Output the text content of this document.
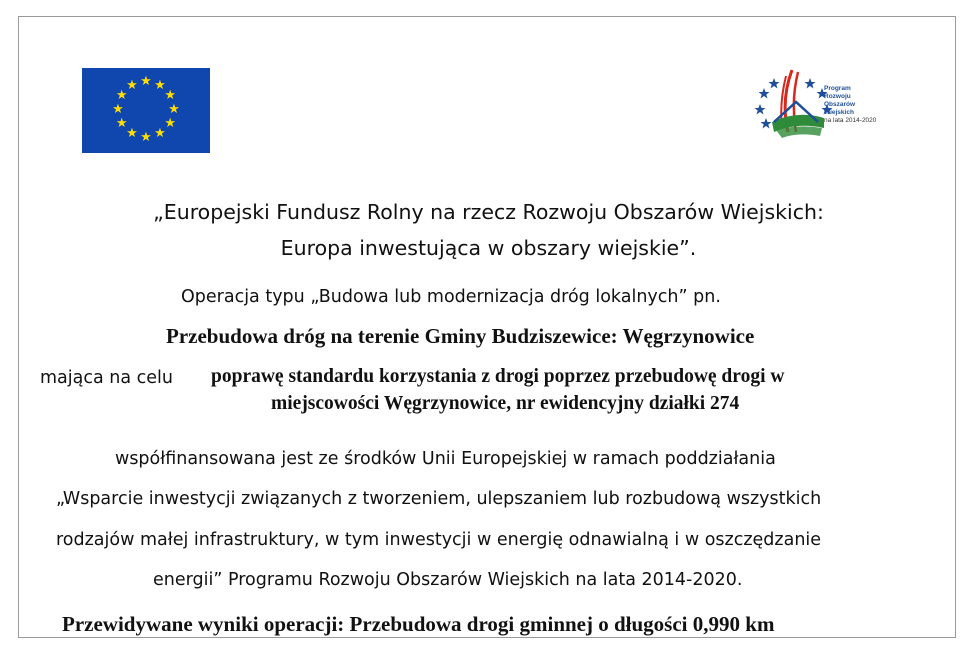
★ ★
★
★
★
★
★
★
★
★
★
★	Program
Rozwoju
Obszarów
Wiejskich
na lata 2014-2020
„Europejski Fundusz Rolny na rzecz Rozwoju Obszarów Wiejskich:
Europa inwestująca w obszary wiejskie”.
Operacja typu „Budowa lub modernizacja dróg lokalnych” pn.
Przebudowa dróg na terenie Gminy Budziszewice: Węgrzynowice
mająca na celu poprawę standardu korzystania z drogi poprzez przebudowę drogi w
miejscowości Węgrzynowice, nr ewidencyjny działki 274
współfinansowana jest ze środków Unii Europejskiej w ramach poddziałania
„Wsparcie inwestycji związanych z tworzeniem, ulepszaniem lub rozbudową wszystkich
rodzajów małej infrastruktury, w tym inwestycji w energię odnawialną i w oszczędzanie
energii” Programu Rozwoju Obszarów Wiejskich na lata 2014-2020.
Przewidywane wyniki operacji: Przebudowa drogi gminnej o długości 0,990 km
